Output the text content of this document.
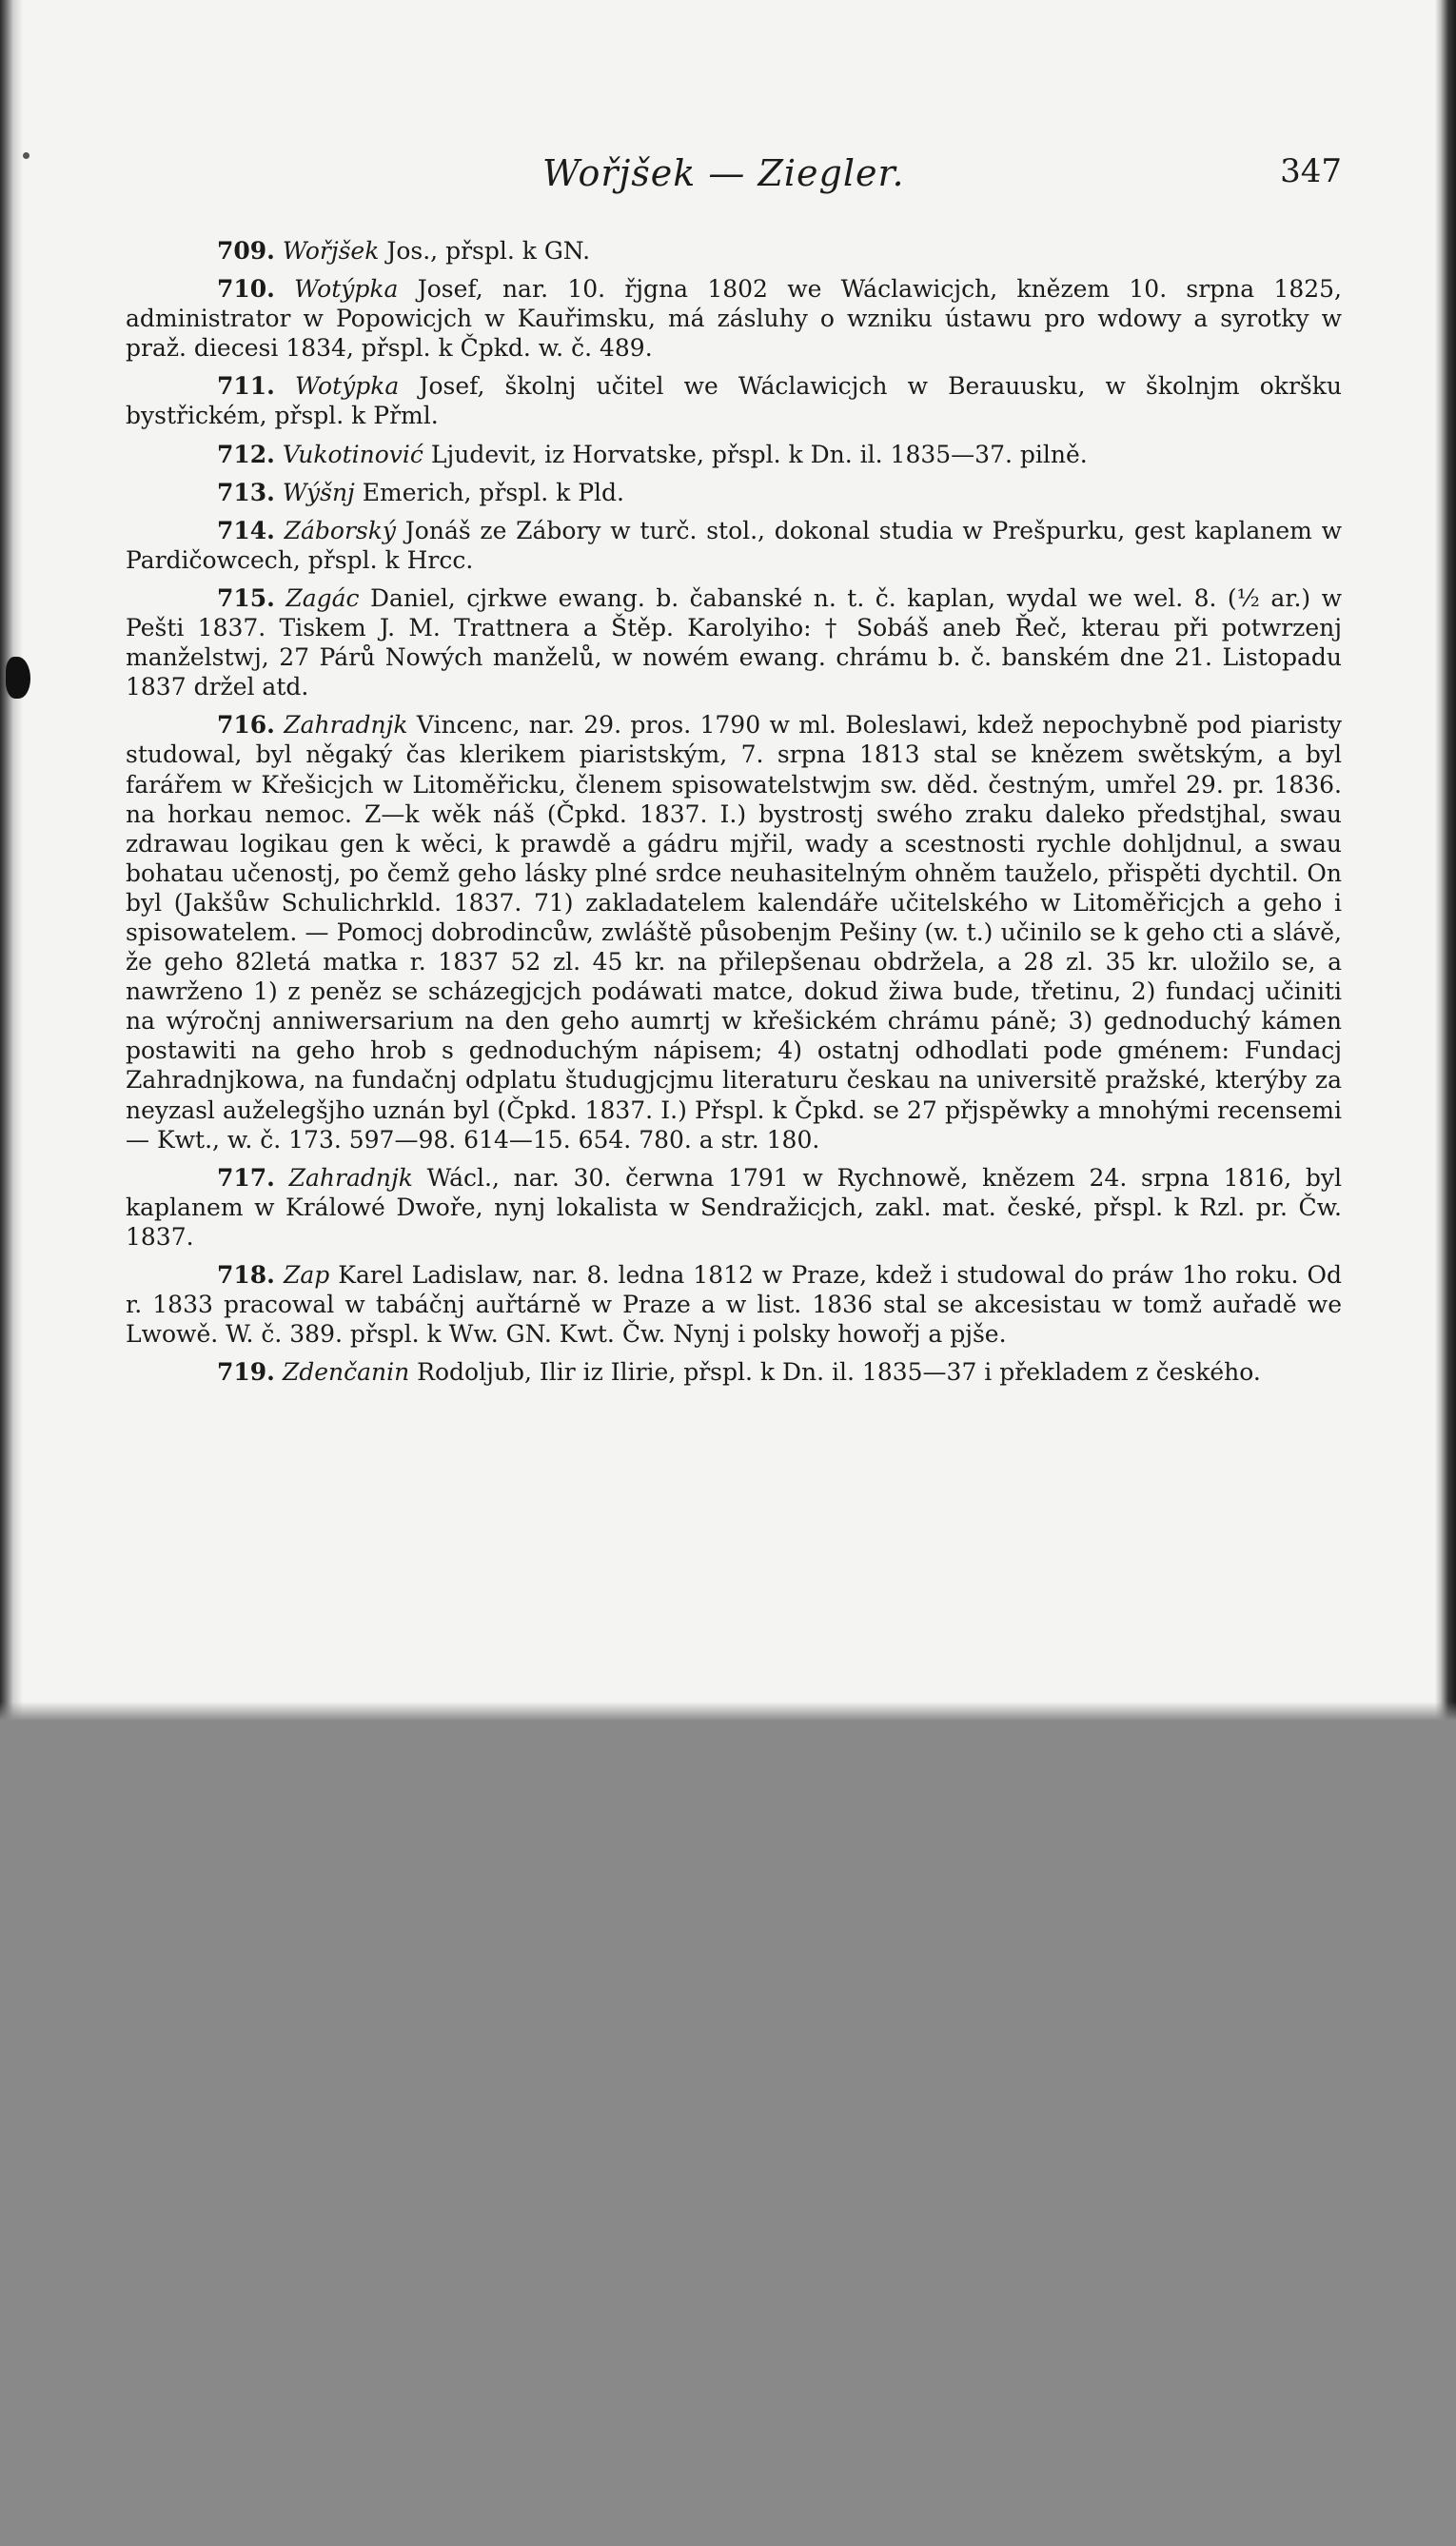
Wořjšek — Ziegler.	347

709. Wořjšek Jos., přspl. k GN.

710. Wotýpka Josef, nar. 10. řjgna 1802 we Wáclawicjch, knězem 10. srpna 1825, administrator w Popowicjch w Kauřimsku, má zásluhy o wzniku ústawu pro wdowy a syrotky w praž. diecesi 1834, přspl. k Čpkd. w. č. 489.

711. Wotýpka Josef, školnj učitel we Wáclawicjch w Berauusku, w školnjm okršku bystřickém, přspl. k Přml.

712. Vukotinović Ljudevit, iz Horvatske, přspl. k Dn. il. 1835—37. pilně.

713. Wýšnj Emerich, přspl. k Pld.

714. Záborský Jonáš ze Zábory w turč. stol., dokonal studia w Prešpurku, gest kaplanem w Pardičowcech, přspl. k Hrcc.

715. Zagác Daniel, cjrkwe ewang. b. čabanské n. t. č. kaplan, wydal we wel. 8. (½ ar.) w Pešti 1837. Tiskem J. M. Trattnera a Štěp. Karolyiho: † Sobáš aneb Řeč, kterau při potwrzenj manželstwj, 27 Párů Nowých manželů, w nowém ewang. chrámu b. č. banském dne 21. Listopadu 1837 držel atd.

716. Zahradnjk Vincenc, nar. 29. pros. 1790 w ml. Boleslawi, kdež nepochybně pod piaristy studowal, byl něgaký čas klerikem piaristským, 7. srpna 1813 stal se knězem swětským, a byl farářem w Křešicjch w Litoměřicku, členem spisowatelstwjm sw. děd. čestným, umřel 29. pr. 1836. na horkau nemoc. Z—k wěk náš (Čpkd. 1837. I.) bystrostj swého zraku daleko předstjhal, swau zdrawau logikau gen k wěci, k prawdě a gádru mjřil, wady a scestnosti rychle dohljdnul, a swau bohatau učenostj, po čemž geho lásky plné srdce neuhasitelným ohněm tauželo, přispěti dychtil. On byl (Jakšůw Schulichrkld. 1837. 71) zakladatelem kalendáře učitelského w Litoměřicjch a geho i spisowatelem. — Pomocj dobrodincůw, zwláště působenjm Pešiny (w. t.) učinilo se k geho cti a slávě, že geho 82letá matka r. 1837 52 zl. 45 kr. na přilepšenau obdržela, a 28 zl. 35 kr. uložilo se, a nawrženo 1) z peněz se scházegjcjch podáwati matce, dokud žiwa bude, třetinu, 2) fundacj učiniti na wýročnj anniwersarium na den geho aumrtj w křešickém chrámu páně; 3) gednoduchý kámen postawiti na geho hrob s gednoduchým nápisem; 4) ostatnj odhodlati pode gménem: Fundacj Zahradnjkowa, na fundačnj odplatu študugjcjmu literaturu českau na universitě pražské, kterýby za neyzasl auželegšjho uznán byl (Čpkd. 1837. I.) Přspl. k Čpkd. se 27 přjspěwky a mnohými recensemi — Kwt., w. č. 173. 597—98. 614—15. 654. 780. a str. 180.

717. Zahradnjk Wácl., nar. 30. čerwna 1791 w Rychnowě, knězem 24. srpna 1816, byl kaplanem w Králowé Dwoře, nynj lokalista w Sendražicjch, zakl. mat. české, přspl. k Rzl. pr. Čw. 1837.

718. Zap Karel Ladislaw, nar. 8. ledna 1812 w Praze, kdež i studowal do práw 1ho roku. Od r. 1833 pracowal w tabáčnj auřtárně w Praze a w list. 1836 stal se akcesistau w tomž auřadě we Lwowě. W. č. 389. přspl. k Ww. GN. Kwt. Čw. Nynj i polsky howořj a pjše.

719. Zdenčanin Rodoljub, Ilir iz Ilirie, přspl. k Dn. il. 1835—37 i překladem z českého.
